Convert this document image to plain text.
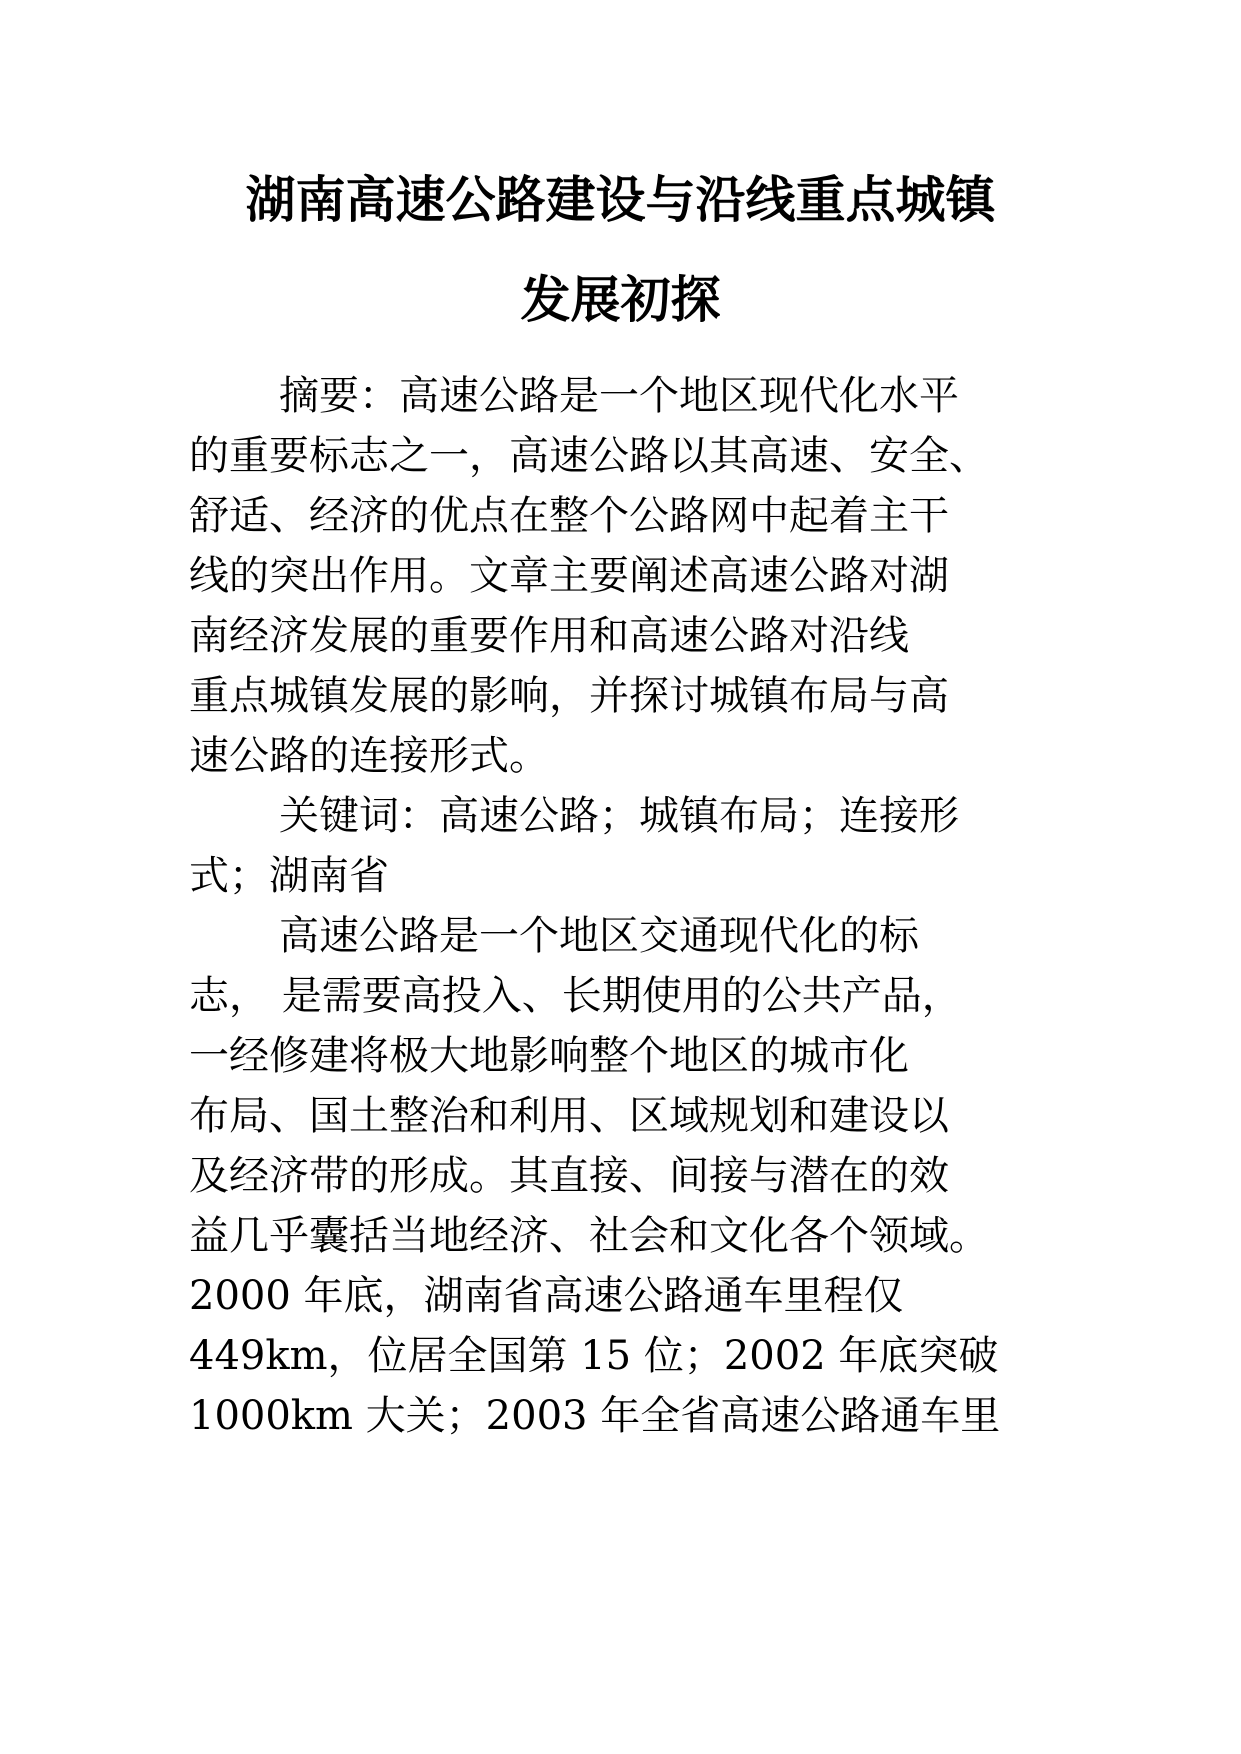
湖南高速公路建设与沿线重点城镇
发展初探

摘要：高速公路是一个地区现代化水平

的重要标志之一，高速公路以其高速、安全、

舒适、经济的优点在整个公路网中起着主干

线的突出作用。文章主要阐述高速公路对湖

南经济发展的重要作用和高速公路对沿线

重点城镇发展的影响，并探讨城镇布局与高

速公路的连接形式。

关键词：高速公路；城镇布局；连接形

式；湖南省

高速公路是一个地区交通现代化的标

志， 是需要高投入、长期使用的公共产品，

一经修建将极大地影响整个地区的城市化

布局、国土整治和利用、区域规划和建设以

及经济带的形成。其直接、间接与潜在的效

益几乎囊括当地经济、社会和文化各个领域。

2000 年底，湖南省高速公路通车里程仅

449km，位居全国第 15 位；2002 年底突破

1000km 大关；2003 年全省高速公路通车里
